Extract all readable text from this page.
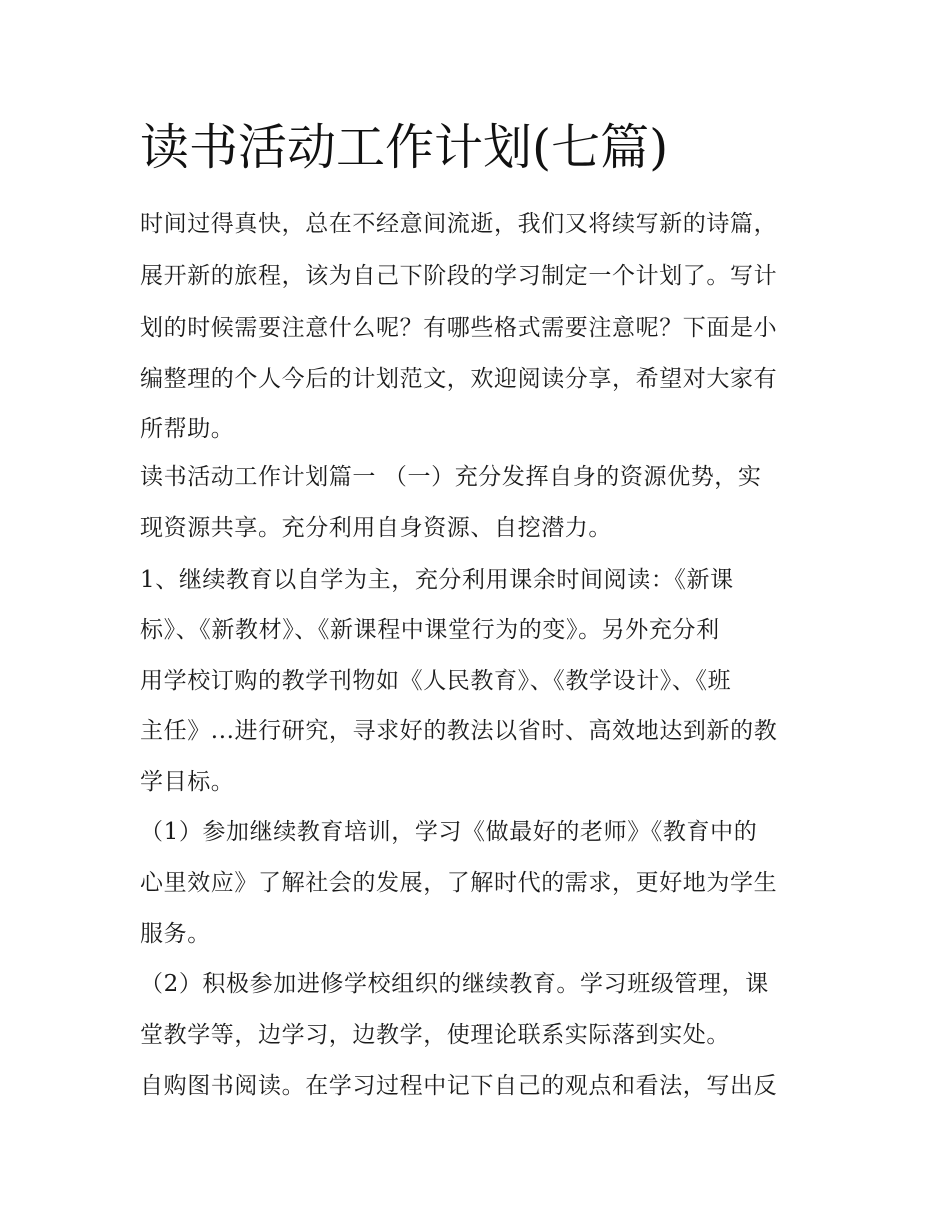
读书活动工作计划(七篇)
时间过得真快，总在不经意间流逝，我们又将续写新的诗篇，
展开新的旅程，该为自己下阶段的学习制定一个计划了。写计
划的时候需要注意什么呢？有哪些格式需要注意呢？下面是小
编整理的个人今后的计划范文，欢迎阅读分享，希望对大家有
所帮助。
读书活动工作计划篇一 （一）充分发挥自身的资源优势，实
现资源共享。充分利用自身资源、自挖潜力。
1、继续教育以自学为主，充分利用课余时间阅读：《新课
标》、《新教材》、《新课程中课堂行为的变》。另外充分利
用学校订购的教学刊物如《人民教育》、《教学设计》、《班
主任》...进行研究，寻求好的教法以省时、高效地达到新的教
学目标。
（1）参加继续教育培训，学习《做最好的老师》《教育中的
心里效应》了解社会的发展，了解时代的需求，更好地为学生
服务。
（2）积极参加进修学校组织的继续教育。学习班级管理，课
堂教学等，边学习，边教学，使理论联系实际落到实处。
自购图书阅读。在学习过程中记下自己的观点和看法，写出反
